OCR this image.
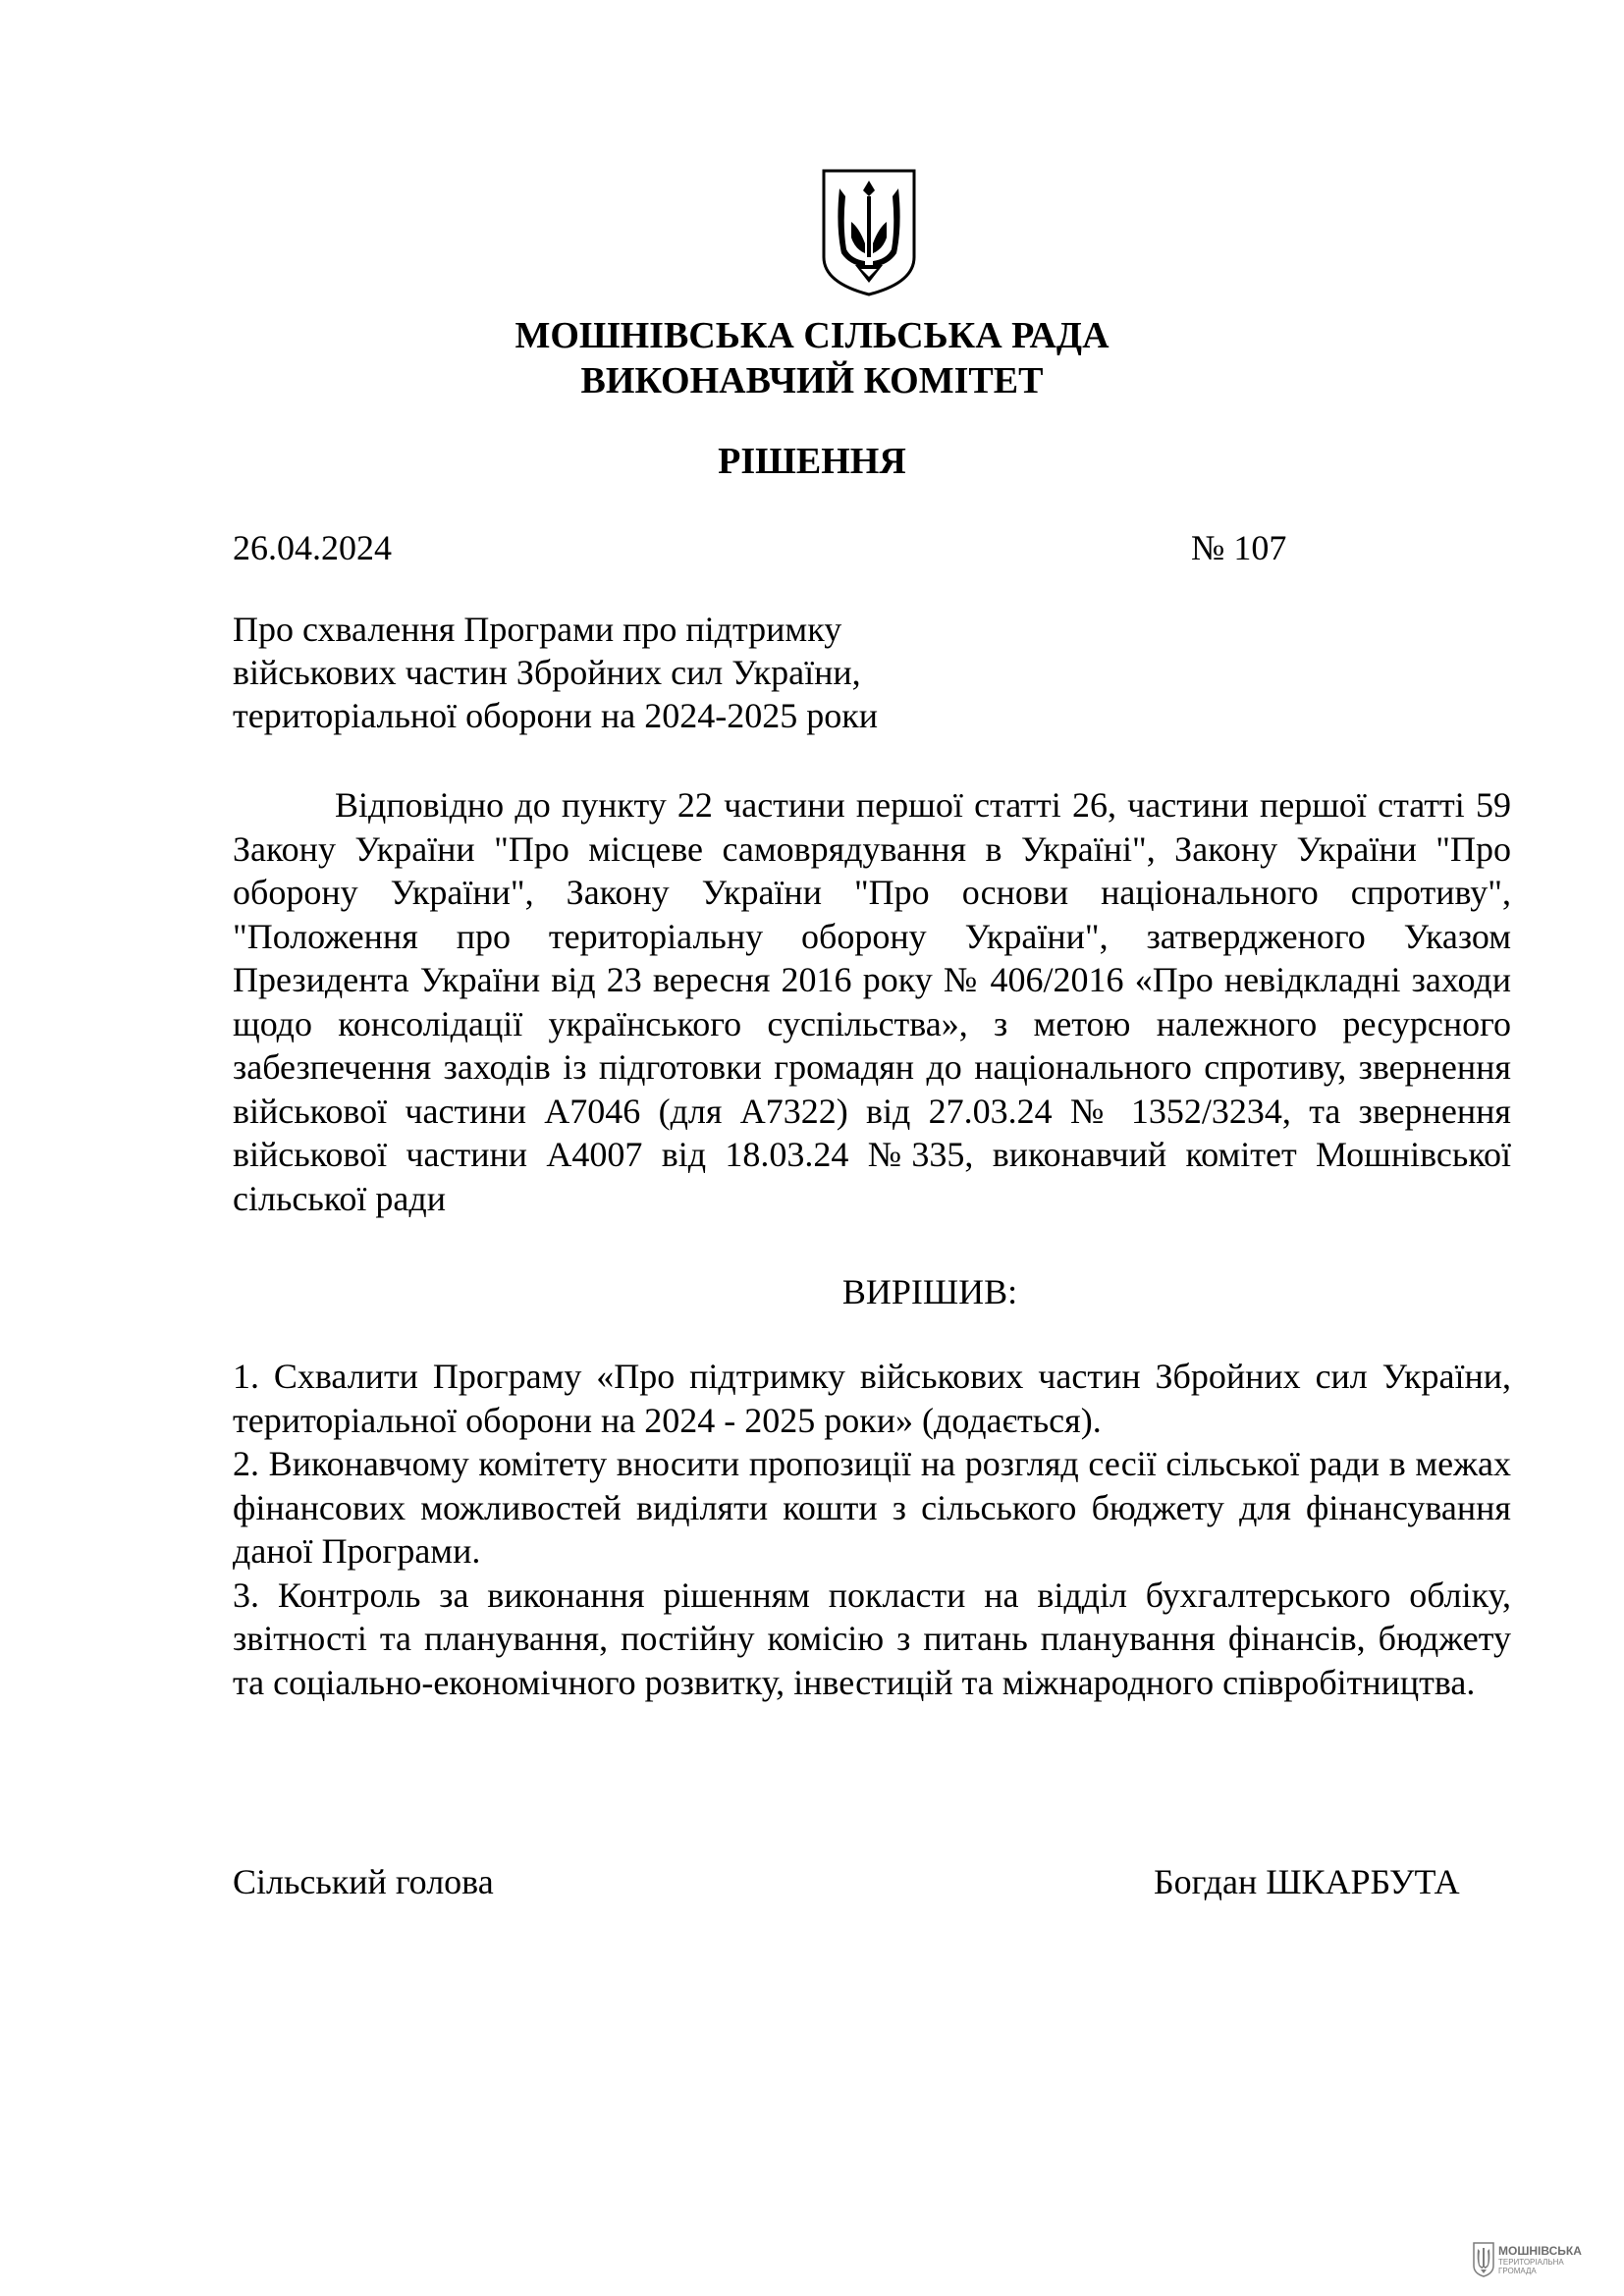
МОШНІВСЬКА СІЛЬСЬКА РАДА
ВИКОНАВЧИЙ КОМІТЕТ
РІШЕННЯ
26.04.2024	№ 107
Про схвалення Програми про підтримку
військових частин Збройних сил України,
територіальної оборони на 2024-2025 роки
Відповідно до пункту 22 частини першої статті 26, частини першої статті 59 Закону України "Про місцеве самоврядування в Україні", Закону України "Про оборону України", Закону України "Про основи національного спротиву", "Положення про територіальну оборону України", затвердженого Указом Президента України від 23 вересня 2016 року № 406/2016 «Про невідкладні заходи щодо консолідації українського суспільства», з метою належного ресурсного забезпечення заходів із підготовки громадян до національного спротиву, звернення військової частини А7046 (для А7322) від 27.03.24 № 1352/3234, та звернення військової частини А4007 від 18.03.24 №335, виконавчий комітет Мошнівської сільської ради
ВИРІШИВ:

1. Схвалити Програму «Про підтримку військових частин Збройних сил України, територіальної оборони на 2024 - 2025 роки» (додається).

2. Виконавчому комітету вносити пропозиції на розгляд сесії сільської ради в межах фінансових можливостей виділяти кошти з сільського бюджету для фінансування даної Програми.

3. Контроль за виконання рішенням покласти на відділ бухгалтерського обліку, звітності та планування, постійну комісію з питань планування фінансів, бюджету та соціально-економічного розвитку, інвестицій та міжнародного співробітництва.

Сільський голова	Богдан ШКАРБУТА
МОШНІВСЬКА
ТЕРИТОРІАЛЬНА
ГРОМАДА
